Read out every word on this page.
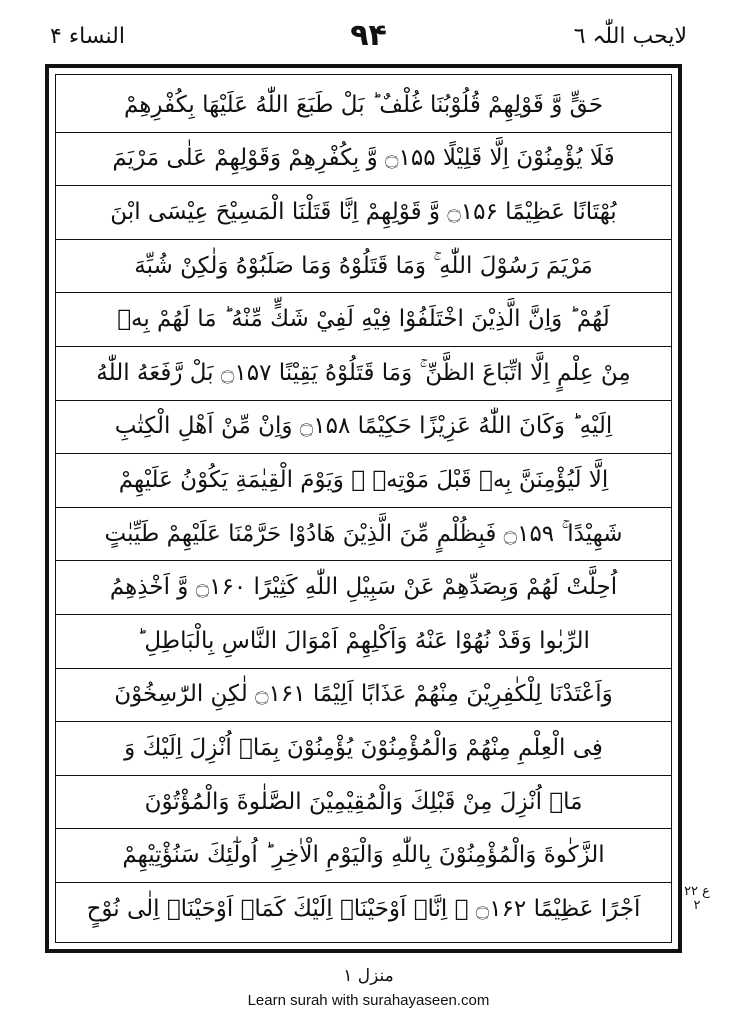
النساء ۴	۹۴	لایحب اللّٰہ ٦
حَقٍّ وَّ قَوْلِهِمْ قُلُوْبُنَا غُلْفٌ ؕ بَلْ طَبَعَ اللّٰهُ عَلَيْهَا بِكُفْرِهِمْ
فَلَا يُؤْمِنُوْنَ اِلَّا قَلِيْلًا ۝۱۵۵ وَّ بِكُفْرِهِمْ وَقَوْلِهِمْ عَلٰى مَرْيَمَ
بُهْتَانًا عَظِيْمًا ۝۱۵۶ وَّ قَوْلِهِمْ اِنَّا قَتَلْنَا الْمَسِيْحَ عِيْسَى ابْنَ
مَرْيَمَ رَسُوْلَ اللّٰهِ ۚ وَمَا قَتَلُوْهُ وَمَا صَلَبُوْهُ وَلٰكِنْ شُبِّهَ
لَهُمْ ؕ وَاِنَّ الَّذِيْنَ اخْتَلَفُوْا فِيْهِ لَفِيْ شَكٍّ مِّنْهُ ؕ مَا لَهُمْ بِهٖ
مِنْ عِلْمٍ اِلَّا اتِّبَاعَ الظَّنِّ ۚ وَمَا قَتَلُوْهُ يَقِيْنًا ۝۱۵۷ بَلْ رَّفَعَهُ اللّٰهُ
اِلَيْهِ ؕ وَكَانَ اللّٰهُ عَزِيْزًا حَكِيْمًا ۝۱۵۸ وَاِنْ مِّنْ اَهْلِ الْكِتٰبِ
اِلَّا لَيُؤْمِنَنَّ بِهٖ قَبْلَ مَوْتِهٖ ۚ وَيَوْمَ الْقِيٰمَةِ يَكُوْنُ عَلَيْهِمْ
شَهِيْدًا ۚ ۝۱۵۹ فَبِظُلْمٍ مِّنَ الَّذِيْنَ هَادُوْا حَرَّمْنَا عَلَيْهِمْ طَيِّبٰتٍ
اُحِلَّتْ لَهُمْ وَبِصَدِّهِمْ عَنْ سَبِيْلِ اللّٰهِ كَثِيْرًا ۝۱۶۰ وَّ اَخْذِهِمُ
الرِّبٰوا وَقَدْ نُهُوْا عَنْهُ وَاَكْلِهِمْ اَمْوَالَ النَّاسِ بِالْبَاطِلِ ؕ
وَاَعْتَدْنَا لِلْكٰفِرِيْنَ مِنْهُمْ عَذَابًا اَلِيْمًا ۝۱۶۱ لٰكِنِ الرّٰسِخُوْنَ
فِى الْعِلْمِ مِنْهُمْ وَالْمُؤْمِنُوْنَ يُؤْمِنُوْنَ بِمَاۤ اُنْزِلَ اِلَيْكَ وَ
مَاۤ اُنْزِلَ مِنْ قَبْلِكَ وَالْمُقِيْمِيْنَ الصَّلٰوةَ وَالْمُؤْتُوْنَ
الزَّكٰوةَ وَالْمُؤْمِنُوْنَ بِاللّٰهِ وَالْيَوْمِ الْاٰخِرِ ؕ اُولٰٓئِكَ سَنُؤْتِيْهِمْ
اَجْرًا عَظِيْمًا ۝۱۶۲ ۚ اِنَّاۤ اَوْحَيْنَاۤ اِلَيْكَ كَمَاۤ اَوْحَيْنَاۤ اِلٰى نُوْحٍ
ع ٢٢ ٢
منزل ۱
Learn surah with surahayaseen.com
